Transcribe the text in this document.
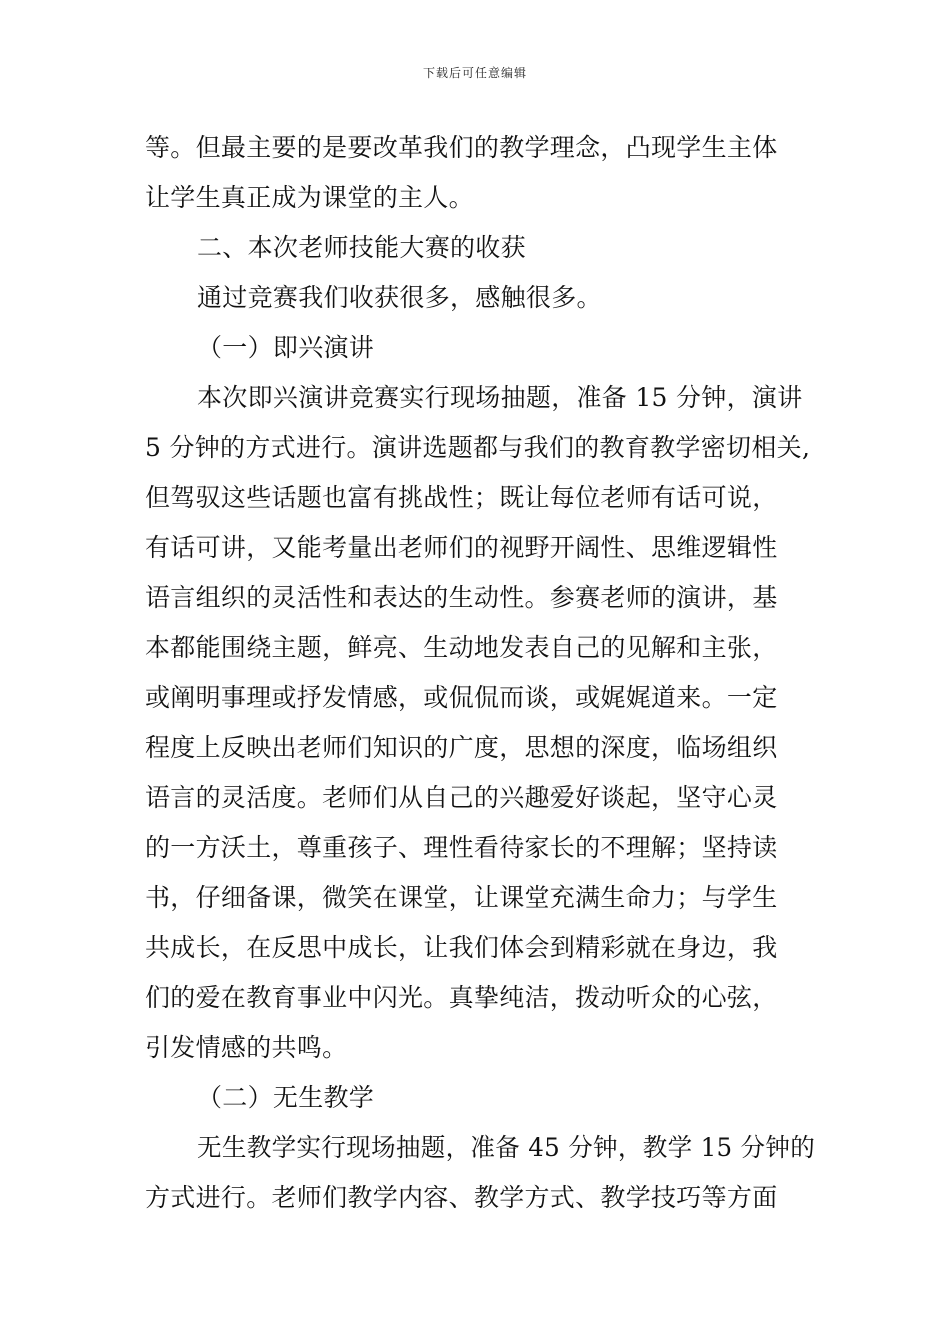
下载后可任意编辑
等。但最主要的是要改革我们的教学理念，凸现学生主体
让学生真正成为课堂的主人。
二、本次老师技能大赛的收获
通过竞赛我们收获很多，感触很多。
（一）即兴演讲
本次即兴演讲竞赛实行现场抽题，准备 15 分钟，演讲
5 分钟的方式进行。演讲选题都与我们的教育教学密切相关,
但驾驭这些话题也富有挑战性；既让每位老师有话可说，
有话可讲，又能考量出老师们的视野开阔性、思维逻辑性
语言组织的灵活性和表达的生动性。参赛老师的演讲，基
本都能围绕主题，鲜亮、生动地发表自己的见解和主张，
或阐明事理或抒发情感，或侃侃而谈，或娓娓道来。一定
程度上反映出老师们知识的广度，思想的深度，临场组织
语言的灵活度。老师们从自己的兴趣爱好谈起，坚守心灵
的一方沃土，尊重孩子、理性看待家长的不理解；坚持读
书，仔细备课，微笑在课堂，让课堂充满生命力；与学生
共成长，在反思中成长，让我们体会到精彩就在身边，我
们的爱在教育事业中闪光。真挚纯洁，拨动听众的心弦，
引发情感的共鸣。
（二）无生教学
无生教学实行现场抽题，准备 45 分钟，教学 15 分钟的
方式进行。老师们教学内容、教学方式、教学技巧等方面
